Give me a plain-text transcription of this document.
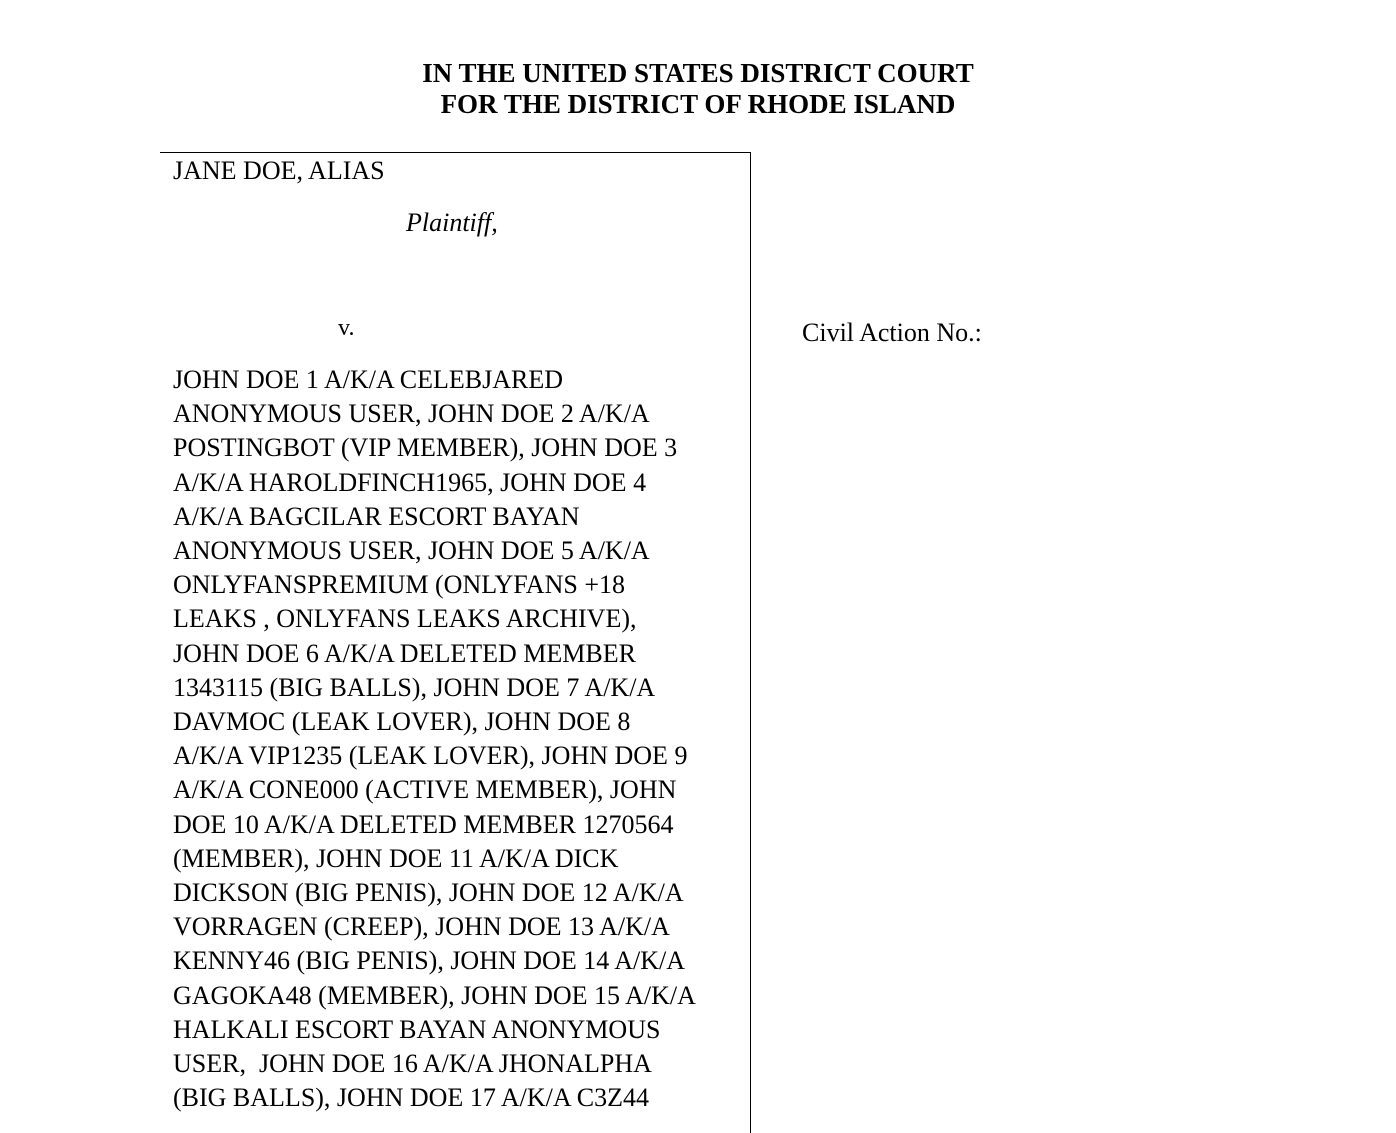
IN THE UNITED STATES DISTRICT COURT
FOR THE DISTRICT OF RHODE ISLAND
JANE DOE, ALIAS
Plaintiff,
v.
JOHN DOE 1 A/K/A CELEBJARED
ANONYMOUS USER, JOHN DOE 2 A/K/A
POSTINGBOT (VIP MEMBER), JOHN DOE 3
A/K/A HAROLDFINCH1965, JOHN DOE 4
A/K/A BAGCILAR ESCORT BAYAN
ANONYMOUS USER, JOHN DOE 5 A/K/A
ONLYFANSPREMIUM (ONLYFANS +18
LEAKS , ONLYFANS LEAKS ARCHIVE),
JOHN DOE 6 A/K/A DELETED MEMBER
1343115 (BIG BALLS), JOHN DOE 7 A/K/A
DAVMOC (LEAK LOVER), JOHN DOE 8
A/K/A VIP1235 (LEAK LOVER), JOHN DOE 9
A/K/A CONE000 (ACTIVE MEMBER), JOHN
DOE 10 A/K/A DELETED MEMBER 1270564
(MEMBER), JOHN DOE 11 A/K/A DICK
DICKSON (BIG PENIS), JOHN DOE 12 A/K/A
VORRAGEN (CREEP), JOHN DOE 13 A/K/A
KENNY46 (BIG PENIS), JOHN DOE 14 A/K/A
GAGOKA48 (MEMBER), JOHN DOE 15 A/K/A
HALKALI ESCORT BAYAN ANONYMOUS
USER,  JOHN DOE 16 A/K/A JHONALPHA
(BIG BALLS), JOHN DOE 17 A/K/A C3Z44
Civil Action No.:
